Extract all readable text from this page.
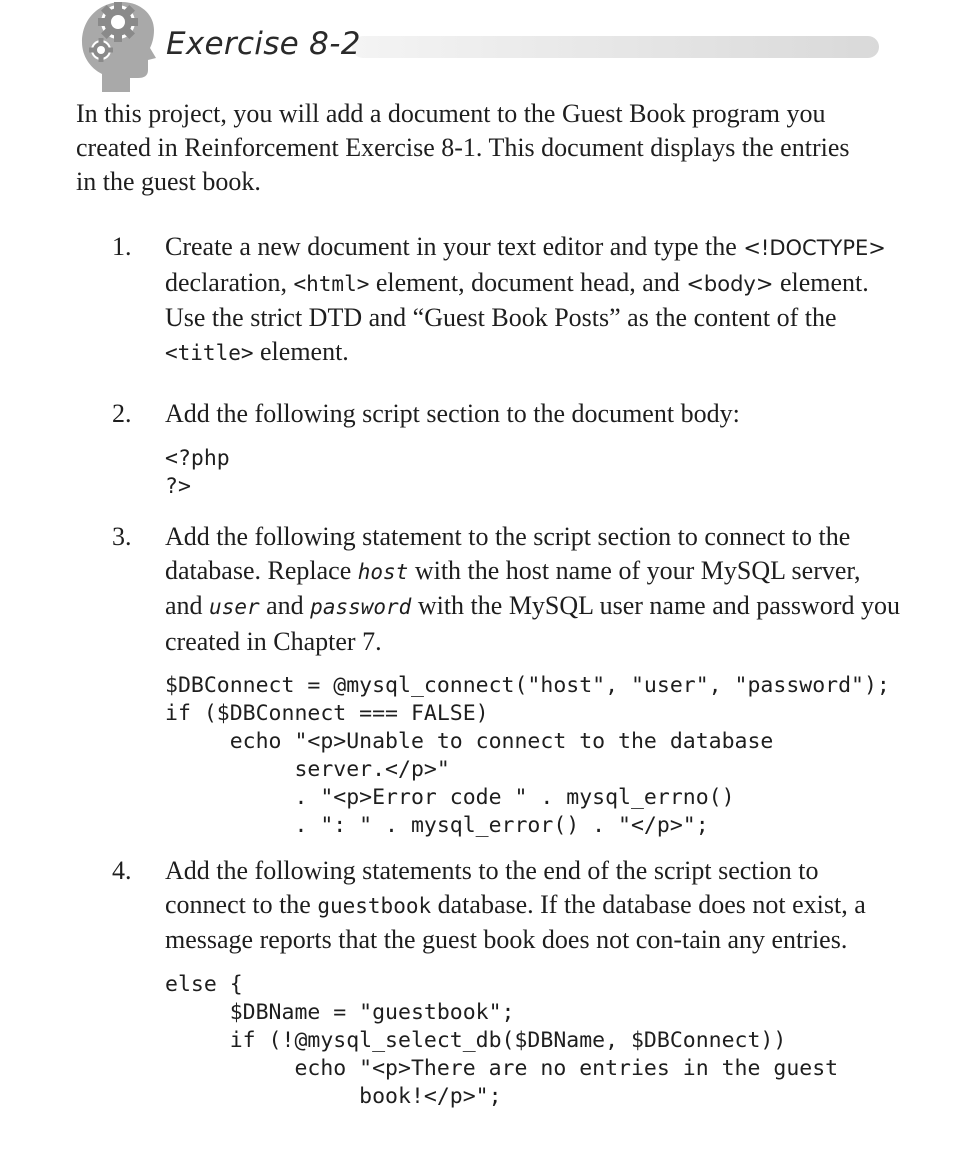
Exercise 8-2

In this project, you will add a document to the Guest Book program you created in Reinforcement Exercise 8-1. This document displays the entries in the guest book.

1. Create a new document in your text editor and type the <!DOCTYPE> declaration, <html> element, document head, and <body> element. Use the strict DTD and “Guest Book Posts” as the content of the <title> element.

2. Add the following script section to the document body:

<?php
?>
3. Add the following statement to the script section to connect to the database. Replace host with the host name of your MySQL server, and user and password with the MySQL user name and password you created in Chapter 7.

$DBConnect = @mysql_connect("host", "user", "password");
if ($DBConnect === FALSE)
echo "<p>Unable to connect to the database
server.</p>"
. "<p>Error code " . mysql_errno()
. ": " . mysql_error() . "</p>";
4. Add the following statements to the end of the script section to connect to the guestbook database. If the database does not exist, a message reports that the guest book does not con-tain any entries.

else {
$DBName = "guestbook";
if (!@mysql_select_db($DBName, $DBConnect))
echo "<p>There are no entries in the guest
book!</p>";
